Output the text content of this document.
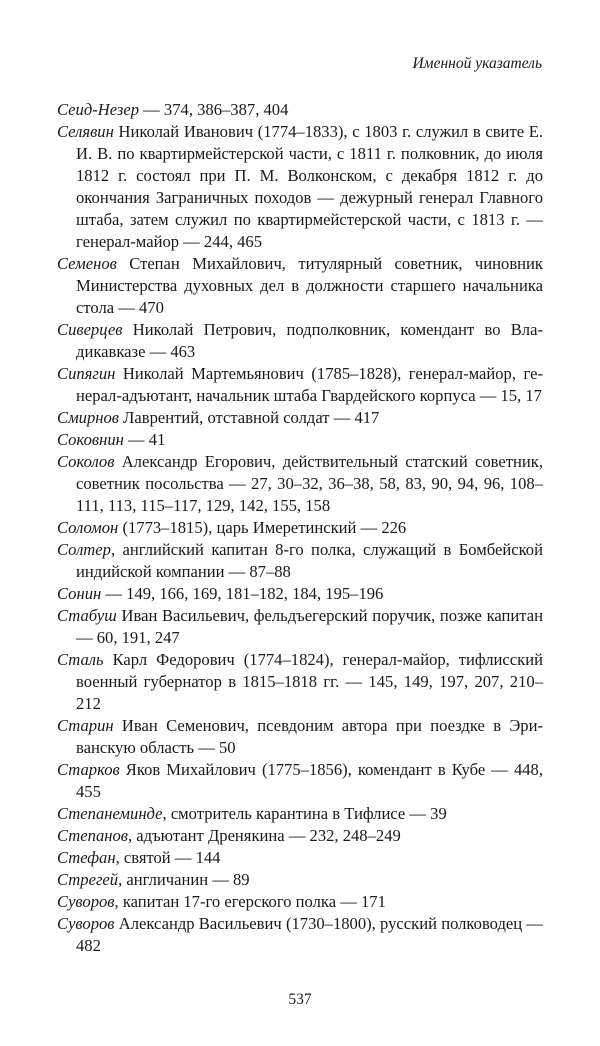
Именной указатель

Сеид-Незер — 374, 386–387, 404

Селявин Николай Иванович (1774–1833), с 1803 г. служил в свите Е. И. В. по квартирмейстерской части, с 1811 г. полковник, до июля 1812 г. состоял при П. М. Волконском, с декабря 1812 г. до окончания Заграничных походов — дежурный генерал Главного штаба, затем служил по квартирмейстерской части, с 1813 г. — генерал-майор — 244, 465

Семенов Степан Михайлович, титулярный советник, чиновник Министерства духовных дел в должности старшего начальника стола — 470

Сиверцев Николай Петрович, подполковник, комендант во Владикавказе — 463

Сипягин Николай Мартемьянович (1785–1828), генерал-майор, генерал-адъютант, начальник штаба Гвардейского корпуса — 15, 17

Смирнов Лаврентий, отставной солдат — 417

Соковнин — 41

Соколов Александр Егорович, действительный статский советник, советник посольства — 27, 30–32, 36–38, 58, 83, 90, 94, 96, 108–111, 113, 115–117, 129, 142, 155, 158

Соломон (1773–1815), царь Имеретинский — 226

Солтер, английский капитан 8-го полка, служащий в Бомбейской индийской компании — 87–88

Сонин — 149, 166, 169, 181–182, 184, 195–196

Стабуш Иван Васильевич, фельдъегерский поручик, позже капитан — 60, 191, 247

Сталь Карл Федорович (1774–1824), генерал-майор, тифлисский военный губернатор в 1815–1818 гг. — 145, 149, 197, 207, 210–212

Старин Иван Семенович, псевдоним автора при поездке в Эриванскую область — 50

Старков Яков Михайлович (1775–1856), комендант в Кубе — 448, 455

Степанеминде, смотритель карантина в Тифлисе — 39

Степанов, адъютант Дренякина — 232, 248–249

Стефан, святой — 144

Стрегей, англичанин — 89

Суворов, капитан 17-го егерского полка — 171

Суворов Александр Васильевич (1730–1800), русский полководец — 482

537
